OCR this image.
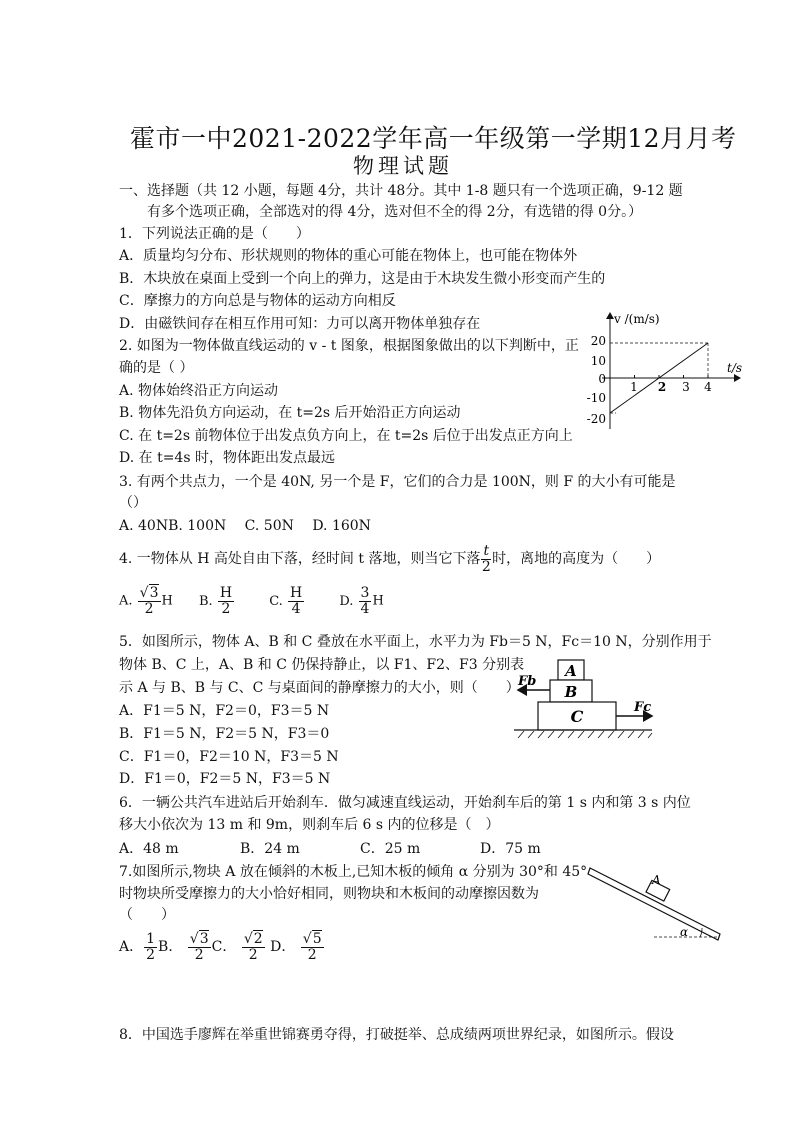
霍市一中2021-2022学年高一年级第一学期12月月考
物理试题
一、选择题（共 12 小题，每题 4分，共计 48分。其中 1-8 题只有一个选项正确，9-12 题
有多个选项正确，全部选对的得 4分，选对但不全的得 2分，有选错的得 0分。）
1．下列说法正确的是（　　）
A．质量均匀分布、形状规则的物体的重心可能在物体上，也可能在物体外
B．木块放在桌面上受到一个向上的弹力，这是由于木块发生微小形变而产生的
C．摩擦力的方向总是与物体的运动方向相反
D．由磁铁间存在相互作用可知：力可以离开物体单独存在
2. 如图为一物体做直线运动的 v - t 图象，根据图象做出的以下判断中，正
确的是（ ）
A. 物体始终沿正方向运动
B. 物体先沿负方向运动，在 t=2s 后开始沿正方向运动
C. 在 t=2s 前物体位于出发点负方向上，在 t=2s 后位于出发点正方向上
D. 在 t=4s 时，物体距出发点最远
v /(m/s)
t/s
20
10
0
-10
-20
1 2 3 4
3. 有两个共点力，一个是 40N, 另一个是 F，它们的合力是 100N，则 F 的大小有可能是
（）
A. 40NB. 100N　 C. 50N　 D. 160N
4. 一物体从 H 高处自由下落，经时间 t 落地，则当它下落 $\frac{t}{2}$ 时，离地的高度为（　　）
A. $\frac{√3}{2}$ H B. $\frac{H}{2}$	C. $\frac{H}{4}$	D. $\frac{3}{4}$ H
5．如图所示，物体 A、B 和 C 叠放在水平面上，水平力为 Fb＝5 N，Fc＝10 N，分别作用于
物体 B、C 上，A、B 和 C 仍保持静止，以 F1、F2、F3 分别表
示 A 与 B、B 与 C、C 与桌面间的静摩擦力的大小，则（　　）
A．F1＝5 N，F2＝0，F3＝5 N
B．F1＝5 N，F2＝5 N，F3＝0
C．F1＝0，F2＝10 N，F3＝5 N
D．F1＝0，F2＝5 N，F3＝5 N
A
B
C
Fb
Fc
6．一辆公共汽车进站后开始刹车．做匀减速直线运动，开始刹车后的第 1 s 内和第 3 s 内位
移大小依次为 13 m 和 9m，则刹车后 6 s 内的位移是（　）
A．48 m	B．24 m	C．25 m	D．75 m
7.如图所示,物块 A 放在倾斜的木板上,已知木板的倾角 α 分别为 30°和 45°
时物块所受摩擦力的大小恰好相同，则物块和木板间的动摩擦因数为
（　　）
A． $\frac{1}{2}$ B． $\frac{√3}{2}$ C． $\frac{√2}{2}$ D． $\frac{√5}{2}$
A
α
8．中国选手廖辉在举重世锦赛勇夺得，打破挺举、总成绩两项世界纪录，如图所示。假设
